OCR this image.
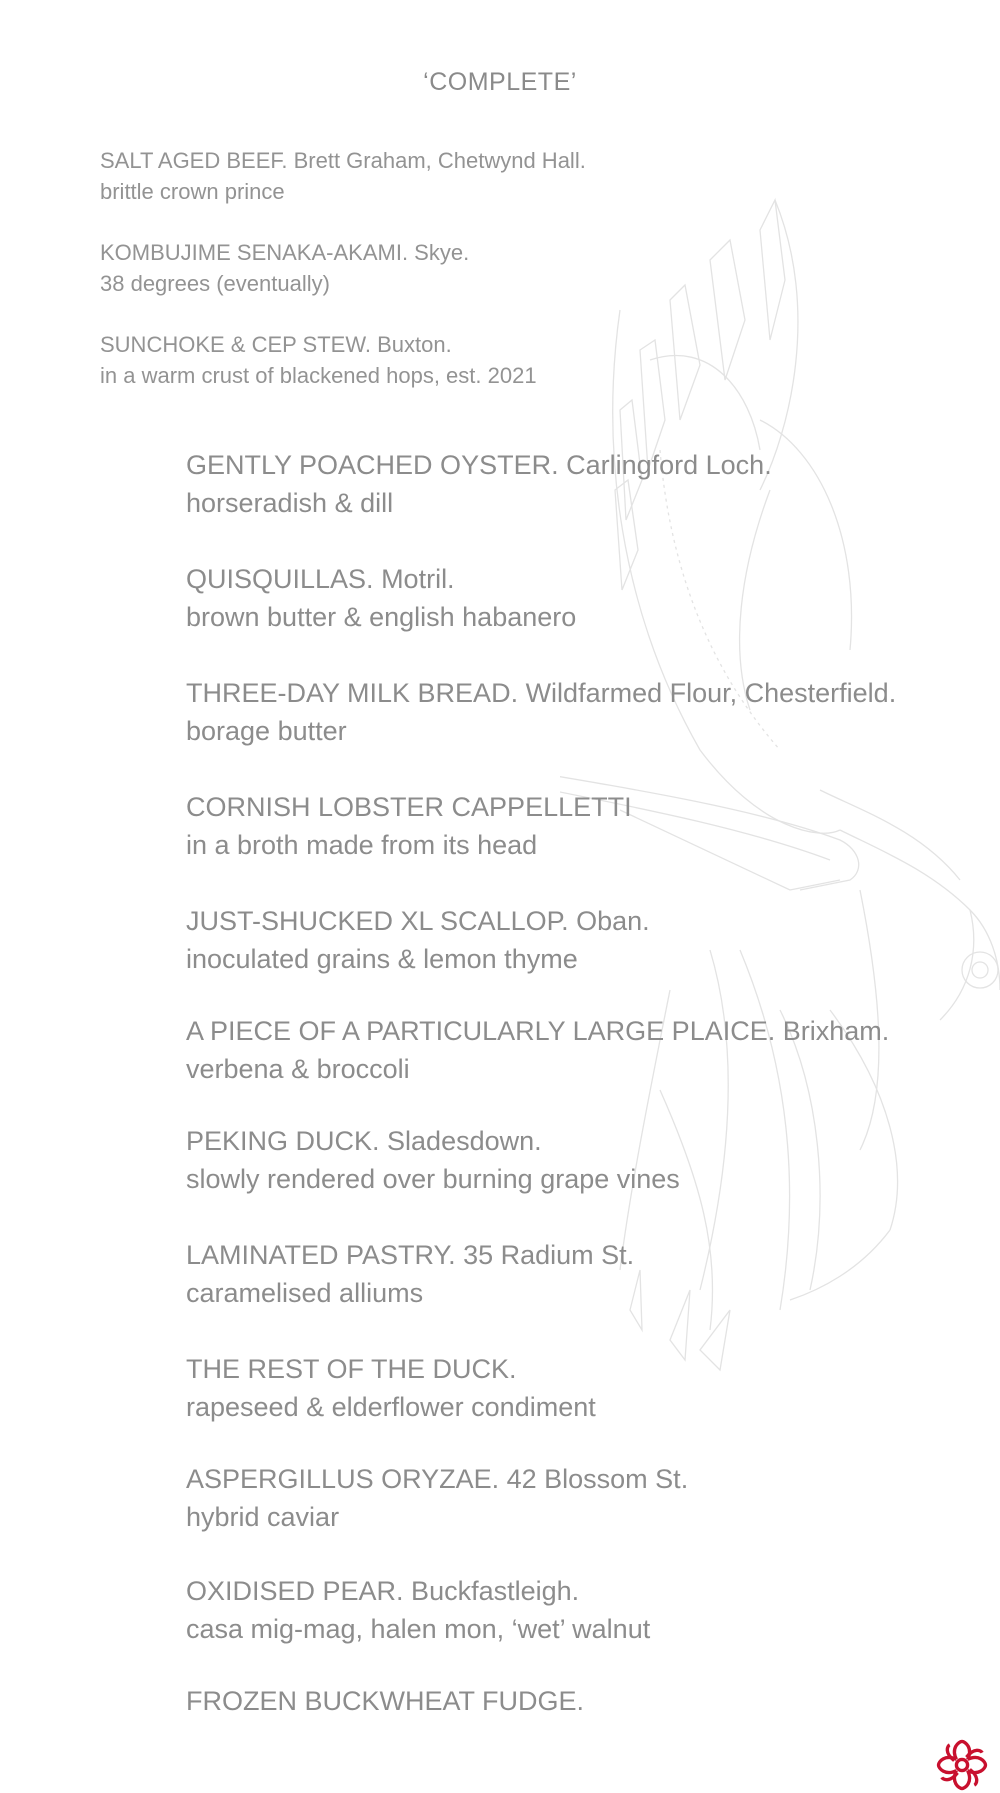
‘COMPLETE’
SALT AGED BEEF. Brett Graham, Chetwynd Hall.
brittle crown prince
KOMBUJIME SENAKA-AKAMI. Skye.
38 degrees (eventually)
SUNCHOKE & CEP STEW. Buxton.
in a warm crust of blackened hops, est. 2021
GENTLY POACHED OYSTER. Carlingford Loch.
horseradish & dill
QUISQUILLAS. Motril.
brown butter & english habanero
THREE-DAY MILK BREAD. Wildfarmed Flour, Chesterfield.
borage butter
CORNISH LOBSTER CAPPELLETTI
in a broth made from its head
JUST-SHUCKED XL SCALLOP. Oban.
inoculated grains & lemon thyme
A PIECE OF A PARTICULARLY LARGE PLAICE. Brixham.
verbena & broccoli
PEKING DUCK. Sladesdown.
slowly rendered over burning grape vines
LAMINATED PASTRY. 35 Radium St.
caramelised alliums
THE REST OF THE DUCK.
rapeseed & elderflower condiment
ASPERGILLUS ORYZAE. 42 Blossom St.
hybrid caviar
OXIDISED PEAR. Buckfastleigh.
casa mig-mag, halen mon, ‘wet’ walnut
FROZEN BUCKWHEAT FUDGE.
